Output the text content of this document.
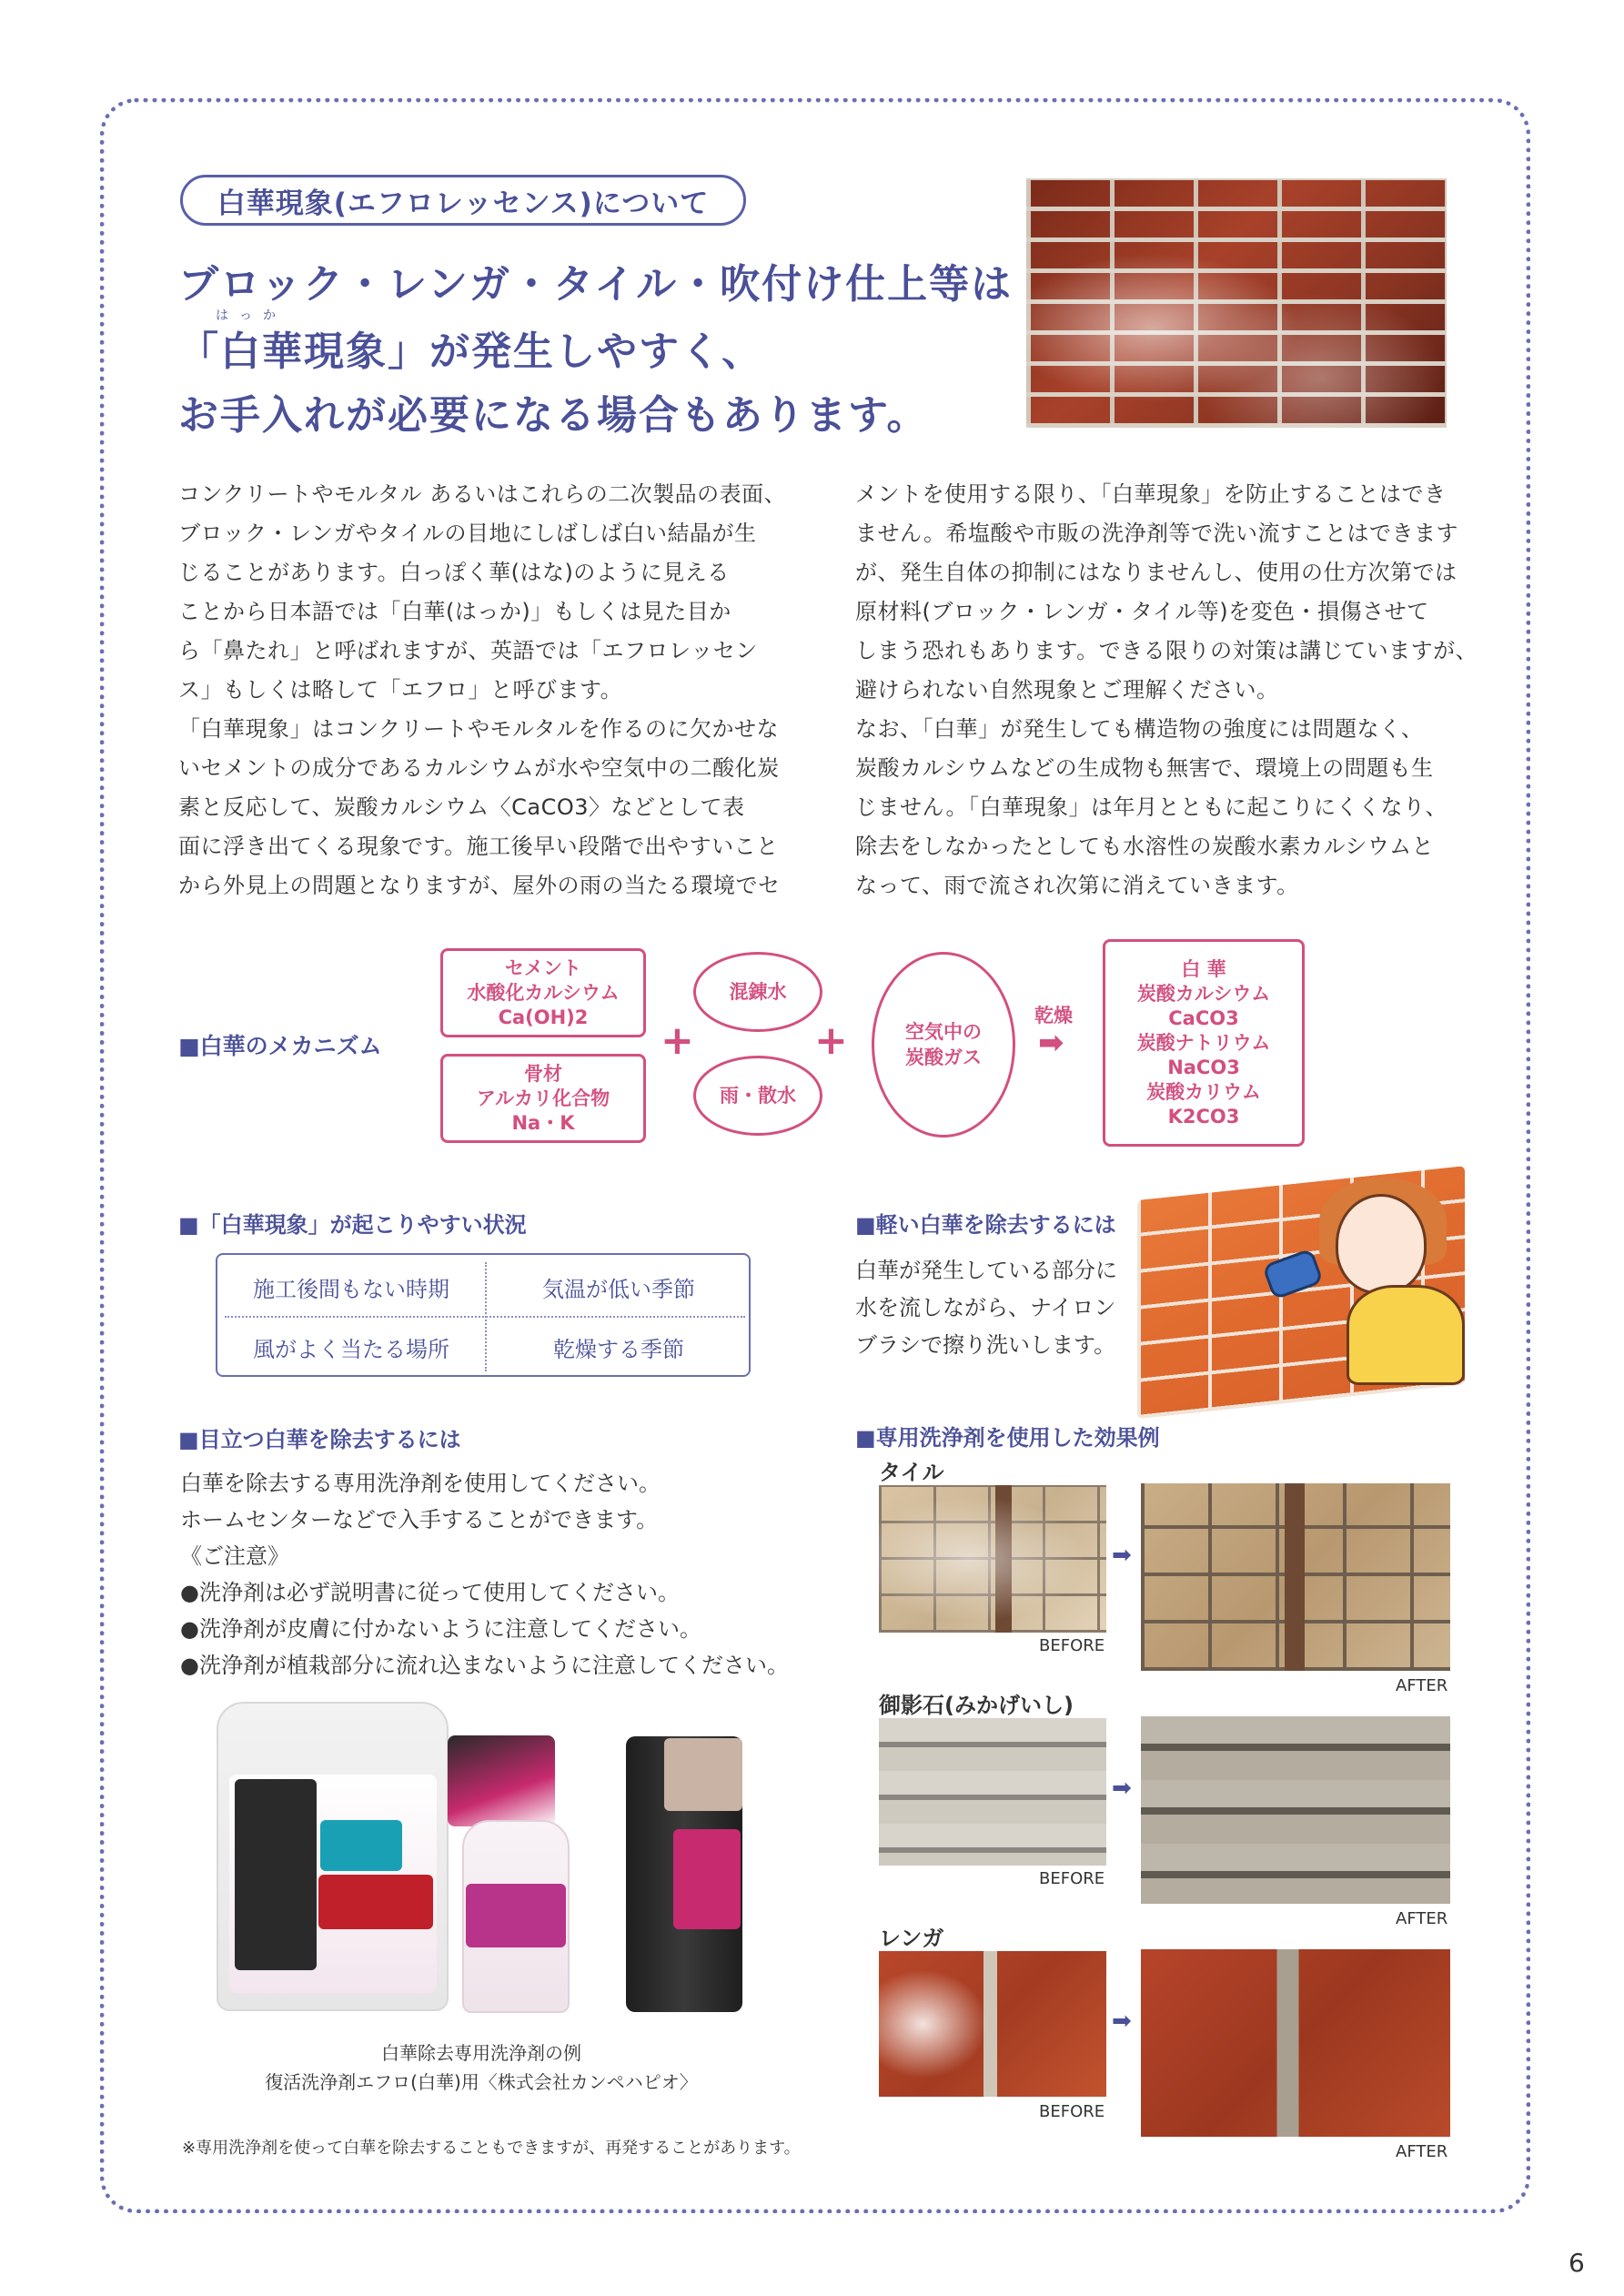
白華現象(エフロレッセンス)について
ブロック・レンガ・タイル・吹付け仕上等は
はっか
「白華現象」が発生しやすく、
お手入れが必要になる場合もあります。
コンクリートやモルタル あるいはこれらの二次製品の表面、
ブロック・レンガやタイルの目地にしばしば白い結晶が生
じることがあります。白っぽく華(はな)のように見える
ことから日本語では「白華(はっか)」もしくは見た目か
ら「鼻たれ」と呼ばれますが、英語では「エフロレッセン
ス」もしくは略して「エフロ」と呼びます。
「白華現象」はコンクリートやモルタルを作るのに欠かせな
いセメントの成分であるカルシウムが水や空気中の二酸化炭
素と反応して、炭酸カルシウム〈CaCO3〉などとして表
面に浮き出てくる現象です。施工後早い段階で出やすいこと
から外見上の問題となりますが、屋外の雨の当たる環境でセ
メントを使用する限り、「白華現象」を防止することはでき
ません。希塩酸や市販の洗浄剤等で洗い流すことはできます
が、発生自体の抑制にはなりませんし、使用の仕方次第では
原材料(ブロック・レンガ・タイル等)を変色・損傷させて
しまう恐れもあります。できる限りの対策は講じていますが、
避けられない自然現象とご理解ください。
なお、「白華」が発生しても構造物の強度には問題なく、
炭酸カルシウムなどの生成物も無害で、環境上の問題も生
じません。「白華現象」は年月とともに起こりにくくなり、
除去をしなかったとしても水溶性の炭酸水素カルシウムと
なって、雨で流され次第に消えていきます。
■白華のメカニズム
セメント
水酸化カルシウム
Ca(OH)2
骨材
アルカリ化合物
Na・K
+
混錬水
雨・散水
+	空気中の
炭酸ガス
乾燥
➡
白 華
炭酸カルシウム
CaCO3
炭酸ナトリウム
NaCO3
炭酸カリウム
K2CO3
■「白華現象」が起こりやすい状況
施工後間もない時期	気温が低い季節
風がよく当たる場所	乾燥する季節
■軽い白華を除去するには
白華が発生している部分に
水を流しながら、ナイロン
ブラシで擦り洗いします。
■目立つ白華を除去するには
白華を除去する専用洗浄剤を使用してください。
ホームセンターなどで入手することができます。
《ご注意》
●洗浄剤は必ず説明書に従って使用してください。
●洗浄剤が皮膚に付かないように注意してください。
●洗浄剤が植栽部分に流れ込まないように注意してください。
白華除去専用洗浄剤の例
復活洗浄剤エフロ(白華)用〈株式会社カンペハピオ〉
■専用洗浄剤を使用した効果例
タイル
BEFORE
➡
AFTER
御影石(みかげいし)
BEFORE
➡
AFTER
レンガ
BEFORE
➡
AFTER
※専用洗浄剤を使って白華を除去することもできますが、再発することがあります。
6
